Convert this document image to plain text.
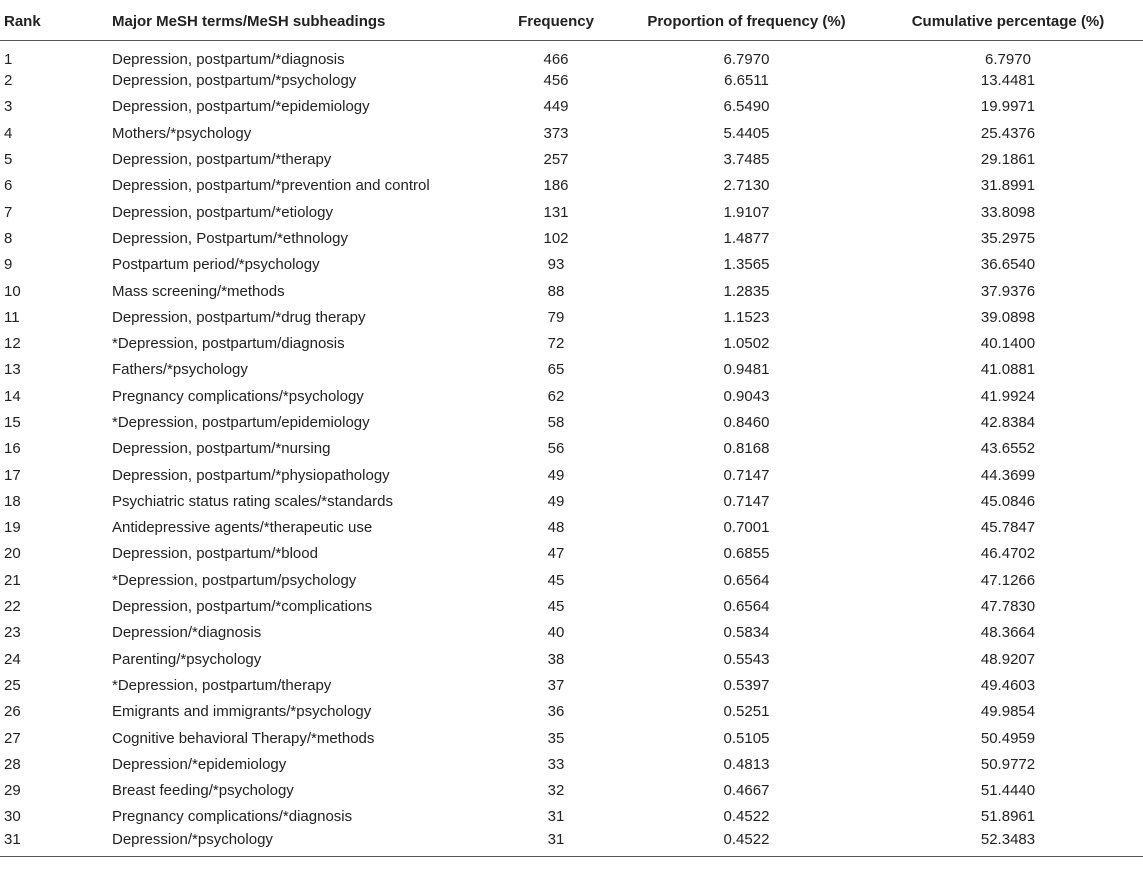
Rank	Major MeSH terms/MeSH subheadings	Frequency	Proportion of frequency (%)	Cumulative percentage (%)
1	Depression, postpartum/*diagnosis	466	6.7970	6.7970
2	Depression, postpartum/*psychology	456	6.6511	13.4481
3	Depression, postpartum/*epidemiology	449	6.5490	19.9971
4	Mothers/*psychology	373	5.4405	25.4376
5	Depression, postpartum/*therapy	257	3.7485	29.1861
6	Depression, postpartum/*prevention and control	186	2.7130	31.8991
7	Depression, postpartum/*etiology	131	1.9107	33.8098
8	Depression, Postpartum/*ethnology	102	1.4877	35.2975
9	Postpartum period/*psychology	93	1.3565	36.6540
10	Mass screening/*methods	88	1.2835	37.9376
11	Depression, postpartum/*drug therapy	79	1.1523	39.0898
12	*Depression, postpartum/diagnosis	72	1.0502	40.1400
13	Fathers/*psychology	65	0.9481	41.0881
14	Pregnancy complications/*psychology	62	0.9043	41.9924
15	*Depression, postpartum/epidemiology	58	0.8460	42.8384
16	Depression, postpartum/*nursing	56	0.8168	43.6552
17	Depression, postpartum/*physiopathology	49	0.7147	44.3699
18	Psychiatric status rating scales/*standards	49	0.7147	45.0846
19	Antidepressive agents/*therapeutic use	48	0.7001	45.7847
20	Depression, postpartum/*blood	47	0.6855	46.4702
21	*Depression, postpartum/psychology	45	0.6564	47.1266
22	Depression, postpartum/*complications	45	0.6564	47.7830
23	Depression/*diagnosis	40	0.5834	48.3664
24	Parenting/*psychology	38	0.5543	48.9207
25	*Depression, postpartum/therapy	37	0.5397	49.4603
26	Emigrants and immigrants/*psychology	36	0.5251	49.9854
27	Cognitive behavioral Therapy/*methods	35	0.5105	50.4959
28	Depression/*epidemiology	33	0.4813	50.9772
29	Breast feeding/*psychology	32	0.4667	51.4440
30	Pregnancy complications/*diagnosis	31	0.4522	51.8961
31	Depression/*psychology	31	0.4522	52.3483
